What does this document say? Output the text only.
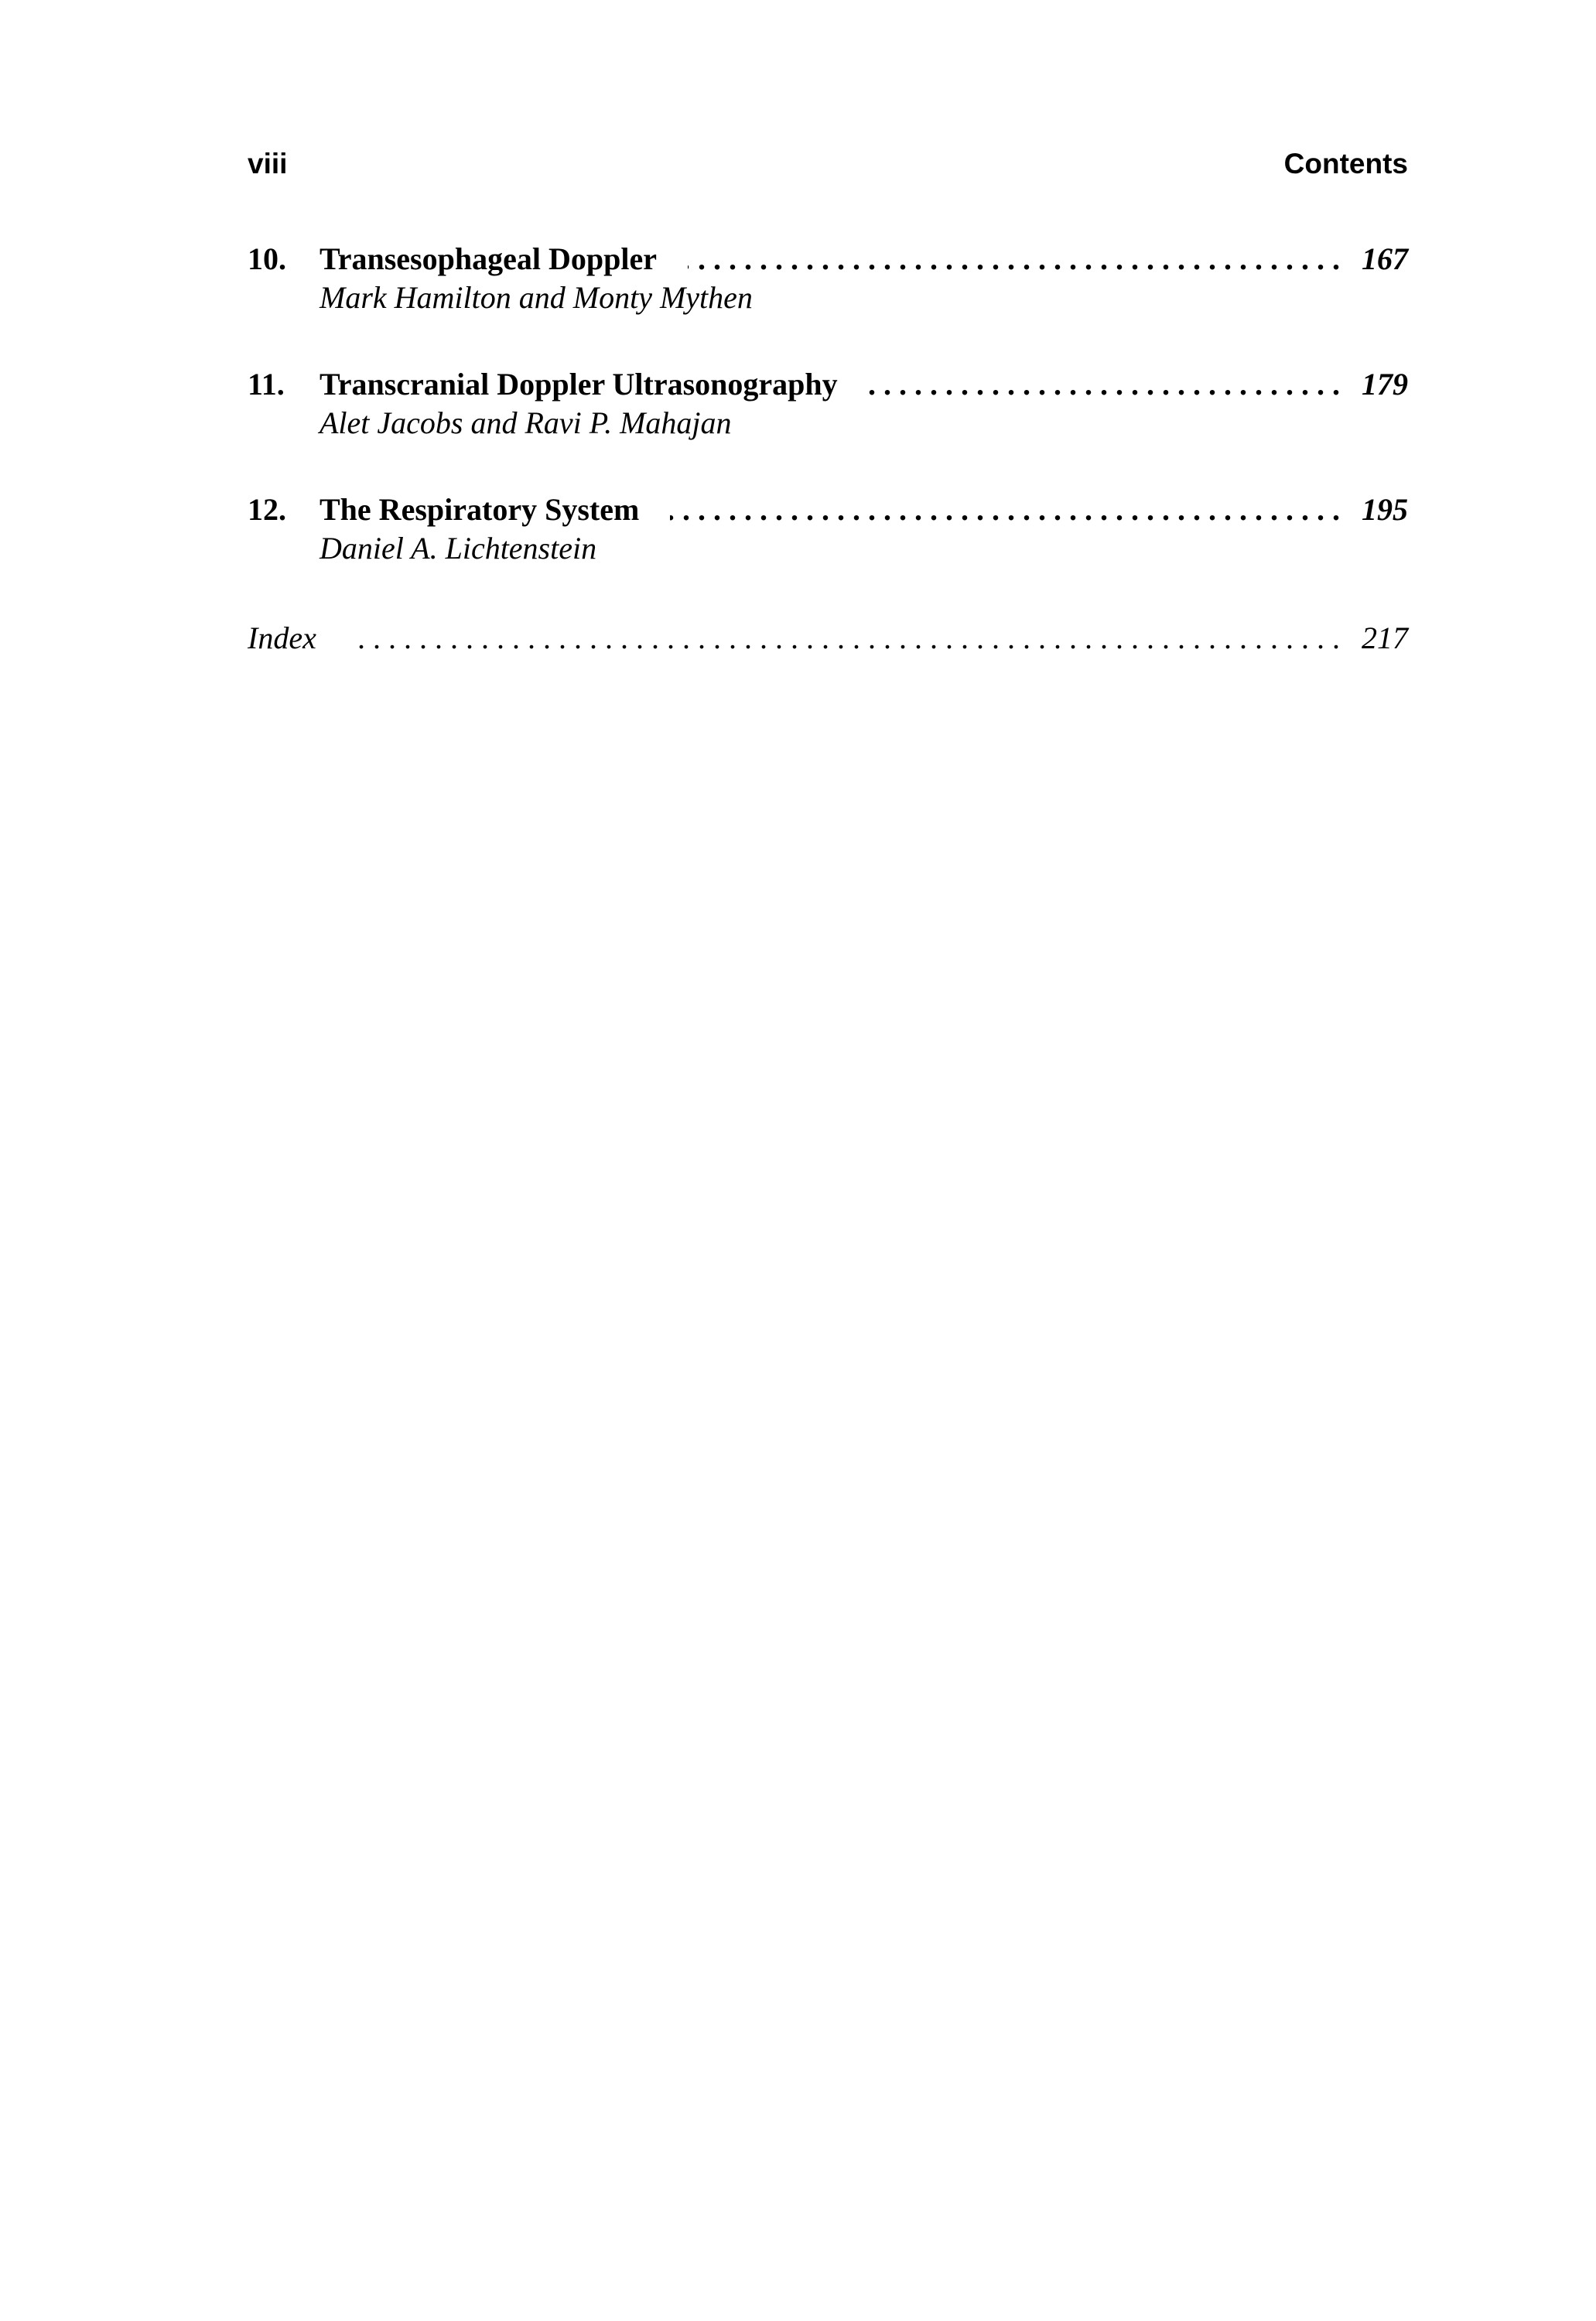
viii	Contents
10.	Transesophageal Doppler . . .	167
Mark Hamilton and Monty Mythen
11.	Transcranial Doppler Ultrasonography . . .	179
Alet Jacobs and Ravi P. Mahajan
12.	The Respiratory System . . .	195
Daniel A. Lichtenstein
Index . . .	217
